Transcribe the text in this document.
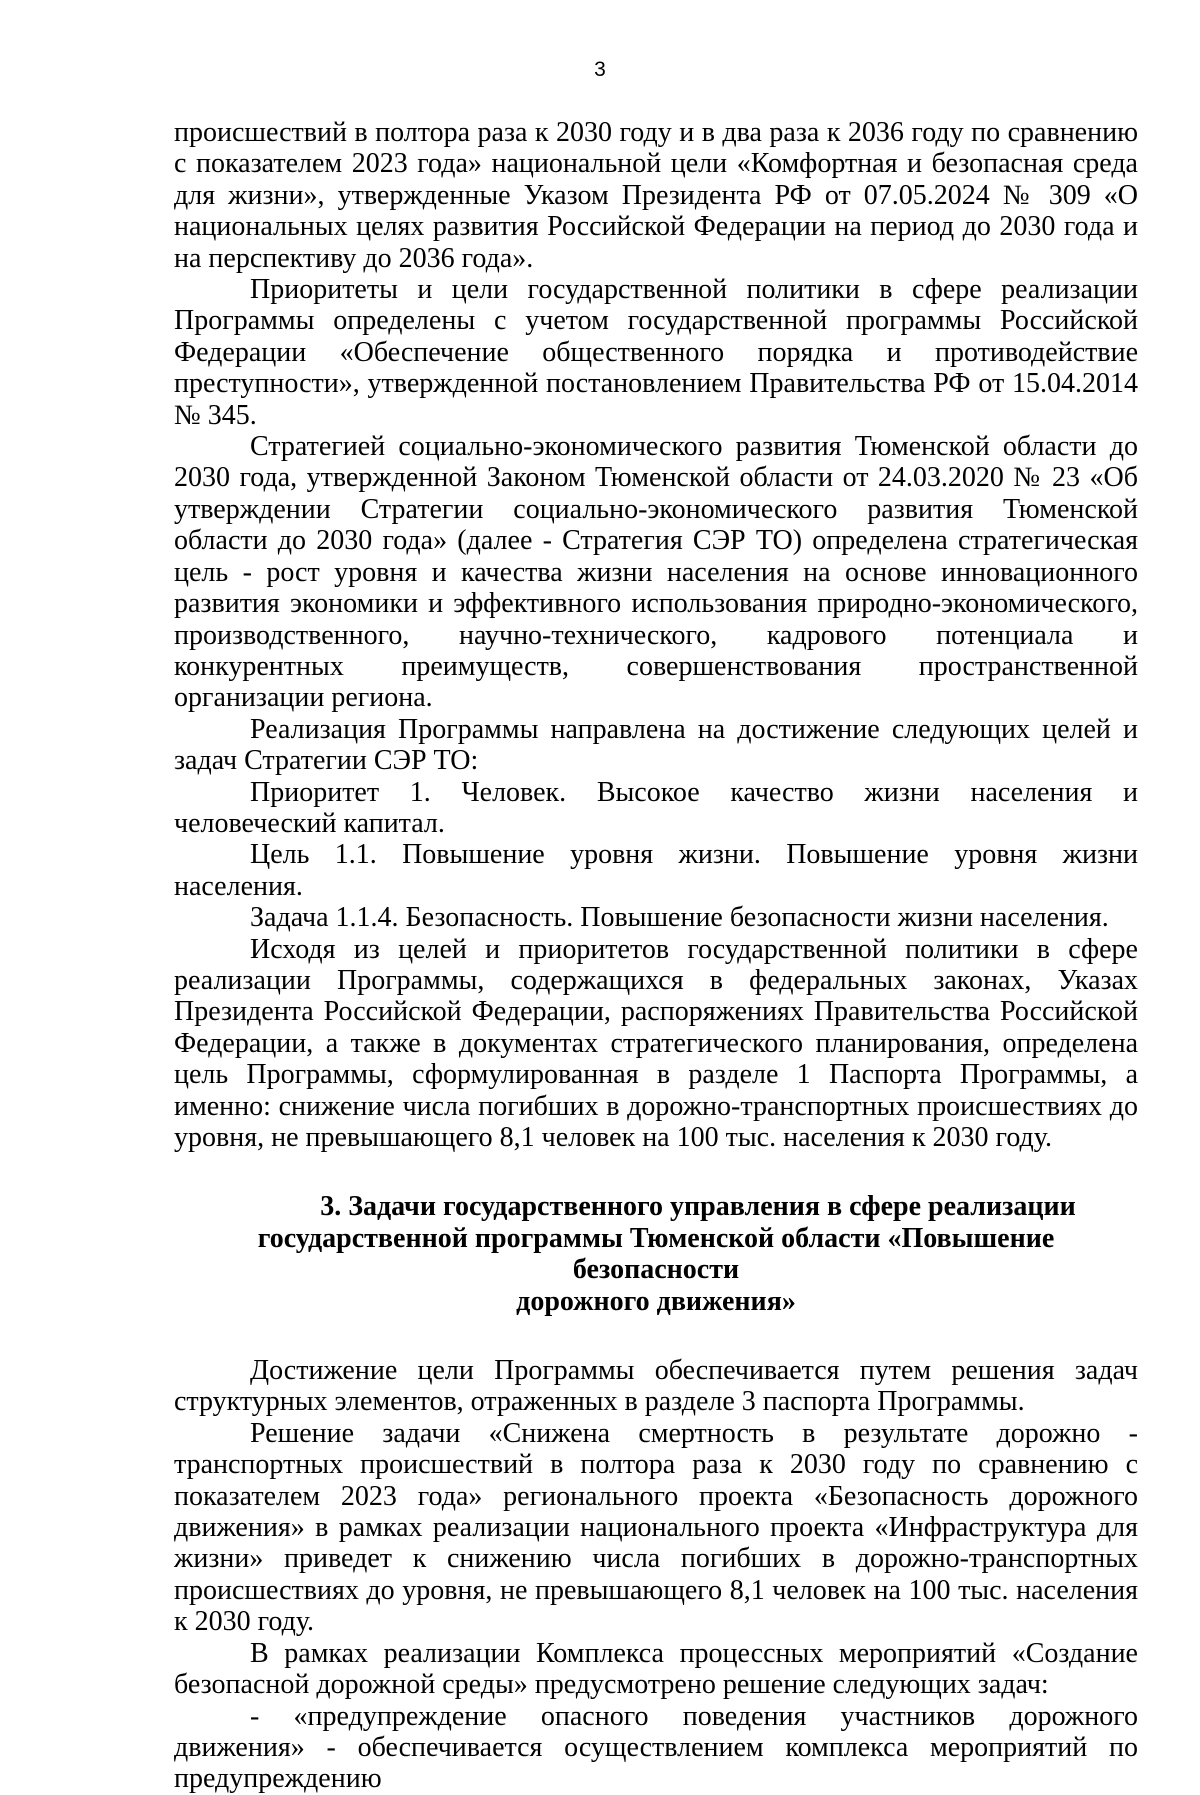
3

происшествий в полтора раза к 2030 году и в два раза к 2036 году по сравнению с показателем 2023 года» национальной цели «Комфортная и безопасная среда для жизни», утвержденные Указом Президента РФ от 07.05.2024 № 309 «О национальных целях развития Российской Федерации на период до 2030 года и на перспективу до 2036 года».

Приоритеты и цели государственной политики в сфере реализации Программы определены с учетом государственной программы Российской Федерации «Обеспечение общественного порядка и противодействие преступности», утвержденной постановлением Правительства РФ от 15.04.2014 № 345.

Стратегией социально-экономического развития Тюменской области до 2030 года, утвержденной Законом Тюменской области от 24.03.2020 № 23 «Об утверждении Стратегии социально-экономического развития Тюменской области до 2030 года» (далее - Стратегия СЭР ТО) определена стратегическая цель - рост уровня и качества жизни населения на основе инновационного развития экономики и эффективного использования природно-экономического, производственного, научно-технического, кадрового потенциала и конкурентных преимуществ, совершенствования пространственной организации региона.

Реализация Программы направлена на достижение следующих целей и задач Стратегии СЭР ТО:

Приоритет 1. Человек. Высокое качество жизни населения и человеческий капитал.

Цель 1.1. Повышение уровня жизни. Повышение уровня жизни населения.

Задача 1.1.4. Безопасность. Повышение безопасности жизни населения.

Исходя из целей и приоритетов государственной политики в сфере реализации Программы, содержащихся в федеральных законах, Указах Президента Российской Федерации, распоряжениях Правительства Российской Федерации, а также в документах стратегического планирования, определена цель Программы, сформулированная в разделе 1 Паспорта Программы, а именно: снижение числа погибших в дорожно-транспортных происшествиях до уровня, не превышающего 8,1 человек на 100 тыс. населения к 2030 году.

3. Задачи государственного управления в сфере реализации
государственной программы Тюменской области «Повышение безопасности
дорожного движения»

Достижение цели Программы обеспечивается путем решения задач структурных элементов, отраженных в разделе 3 паспорта Программы.

Решение задачи «Снижена смертность в результате дорожно - транспортных происшествий в полтора раза к 2030 году по сравнению с показателем 2023 года» регионального проекта «Безопасность дорожного движения» в рамках реализации национального проекта «Инфраструктура для жизни» приведет к снижению числа погибших в дорожно-транспортных происшествиях до уровня, не превышающего 8,1 человек на 100 тыс. населения к 2030 году.

В рамках реализации Комплекса процессных мероприятий «Создание безопасной дорожной среды» предусмотрено решение следующих задач:

- «предупреждение опасного поведения участников дорожного движения» - обеспечивается осуществлением комплекса мероприятий по предупреждению
